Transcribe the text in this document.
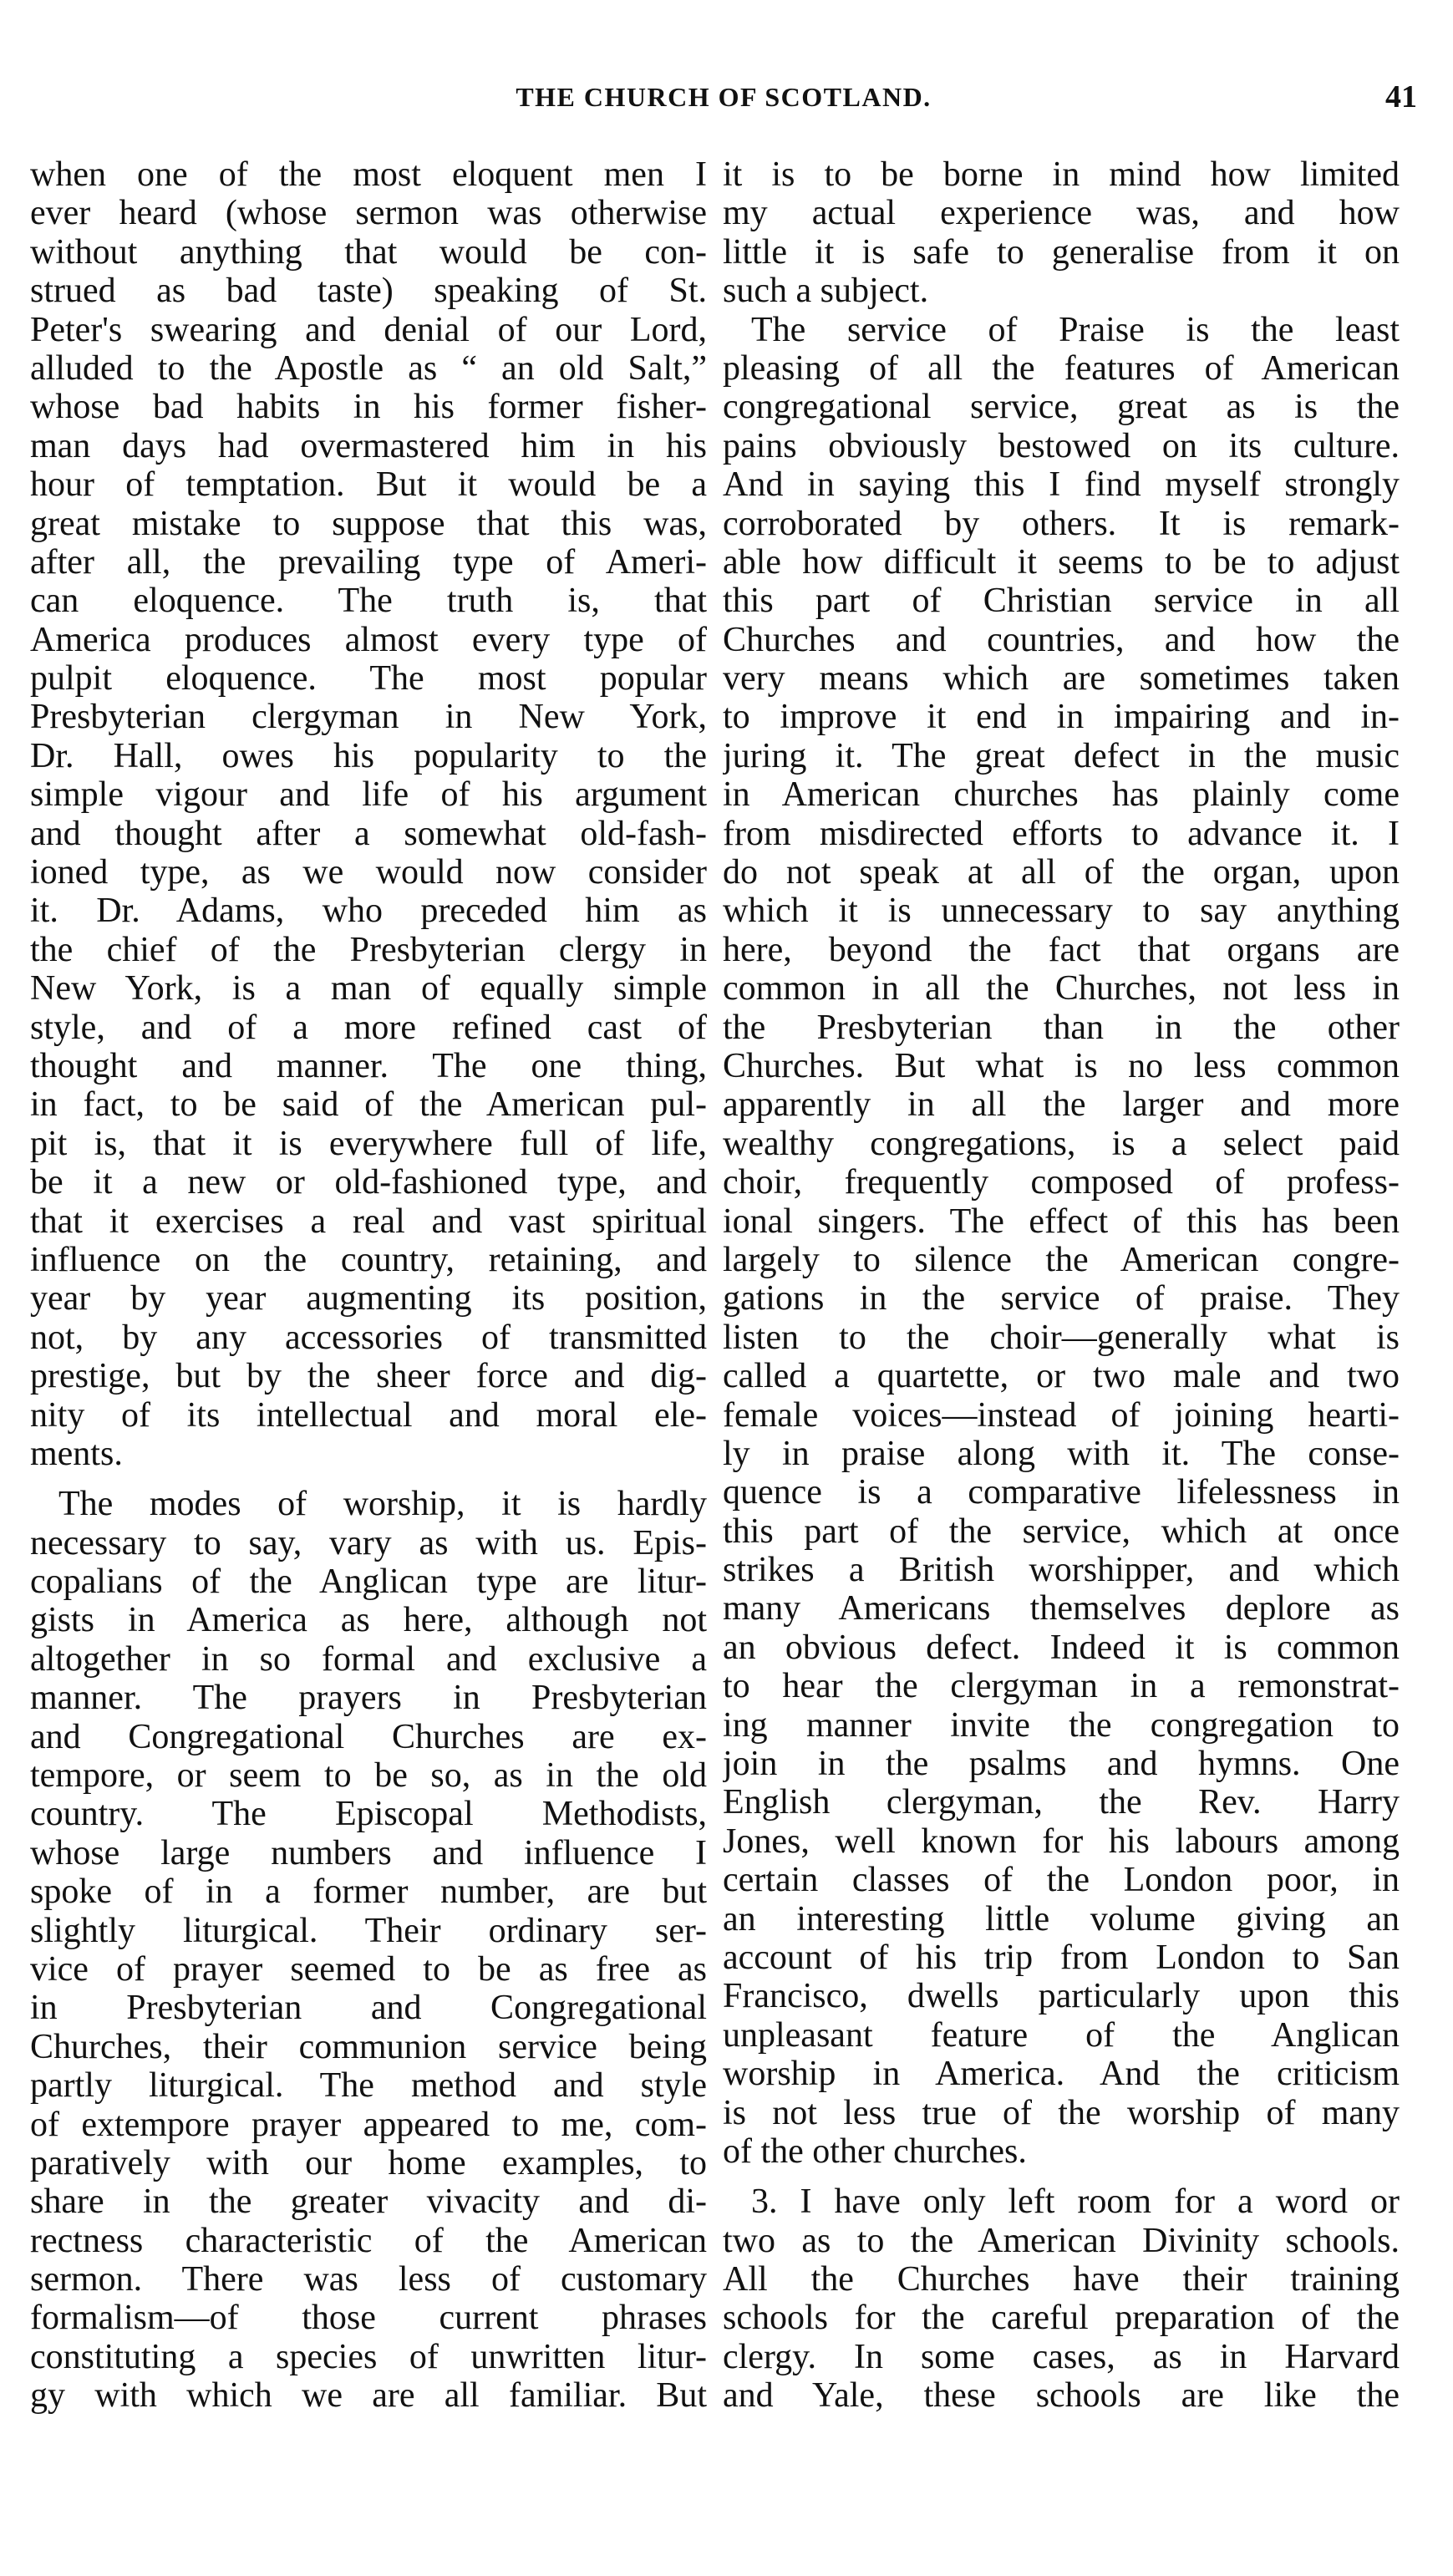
THE CHURCH OF SCOTLAND.	41
when one of the most eloquent men I
ever heard (whose sermon was otherwise
without anything that would be con-
strued as bad taste) speaking of St.
Peter's swearing and denial of our Lord,
alluded to the Apostle as “ an old Salt,”
whose bad habits in his former fisher-
man days had overmastered him in his
hour of temptation. But it would be a
great mistake to suppose that this was,
after all, the prevailing type of Ameri-
can eloquence. The truth is, that
America produces almost every type of
pulpit eloquence. The most popular
Presbyterian clergyman in New York,
Dr. Hall, owes his popularity to the
simple vigour and life of his argument
and thought after a somewhat old-fash-
ioned type, as we would now consider
it. Dr. Adams, who preceded him as
the chief of the Presbyterian clergy in
New York, is a man of equally simple
style, and of a more refined cast of
thought and manner. The one thing,
in fact, to be said of the American pul-
pit is, that it is everywhere full of life,
be it a new or old-fashioned type, and
that it exercises a real and vast spiritual
influence on the country, retaining, and
year by year augmenting its position,
not, by any accessories of transmitted
prestige, but by the sheer force and dig-
nity of its intellectual and moral ele-
ments.
The modes of worship, it is hardly
necessary to say, vary as with us. Epis-
copalians of the Anglican type are litur-
gists in America as here, although not
altogether in so formal and exclusive a
manner. The prayers in Presbyterian
and Congregational Churches are ex-
tempore, or seem to be so, as in the old
country. The Episcopal Methodists,
whose large numbers and influence I
spoke of in a former number, are but
slightly liturgical. Their ordinary ser-
vice of prayer seemed to be as free as
in Presbyterian and Congregational
Churches, their communion service being
partly liturgical. The method and style
of extempore prayer appeared to me, com-
paratively with our home examples, to
share in the greater vivacity and di-
rectness characteristic of the American
sermon. There was less of customary
formalism—of those current phrases
constituting a species of unwritten litur-
gy with which we are all familiar. But
it is to be borne in mind how limited
my actual experience was, and how
little it is safe to generalise from it on
such a subject.
The service of Praise is the least
pleasing of all the features of American
congregational service, great as is the
pains obviously bestowed on its culture.
And in saying this I find myself strongly
corroborated by others. It is remark-
able how difficult it seems to be to adjust
this part of Christian service in all
Churches and countries, and how the
very means which are sometimes taken
to improve it end in impairing and in-
juring it. The great defect in the music
in American churches has plainly come
from misdirected efforts to advance it. I
do not speak at all of the organ, upon
which it is unnecessary to say anything
here, beyond the fact that organs are
common in all the Churches, not less in
the Presbyterian than in the other
Churches. But what is no less common
apparently in all the larger and more
wealthy congregations, is a select paid
choir, frequently composed of profess-
ional singers. The effect of this has been
largely to silence the American congre-
gations in the service of praise. They
listen to the choir—generally what is
called a quartette, or two male and two
female voices—instead of joining hearti-
ly in praise along with it. The conse-
quence is a comparative lifelessness in
this part of the service, which at once
strikes a British worshipper, and which
many Americans themselves deplore as
an obvious defect. Indeed it is common
to hear the clergyman in a remonstrat-
ing manner invite the congregation to
join in the psalms and hymns. One
English clergyman, the Rev. Harry
Jones, well known for his labours among
certain classes of the London poor, in
an interesting little volume giving an
account of his trip from London to San
Francisco, dwells particularly upon this
unpleasant feature of the Anglican
worship in America. And the criticism
is not less true of the worship of many
of the other churches.
3. I have only left room for a word or
two as to the American Divinity schools.
All the Churches have their training
schools for the careful preparation of the
clergy. In some cases, as in Harvard
and Yale, these schools are like the
